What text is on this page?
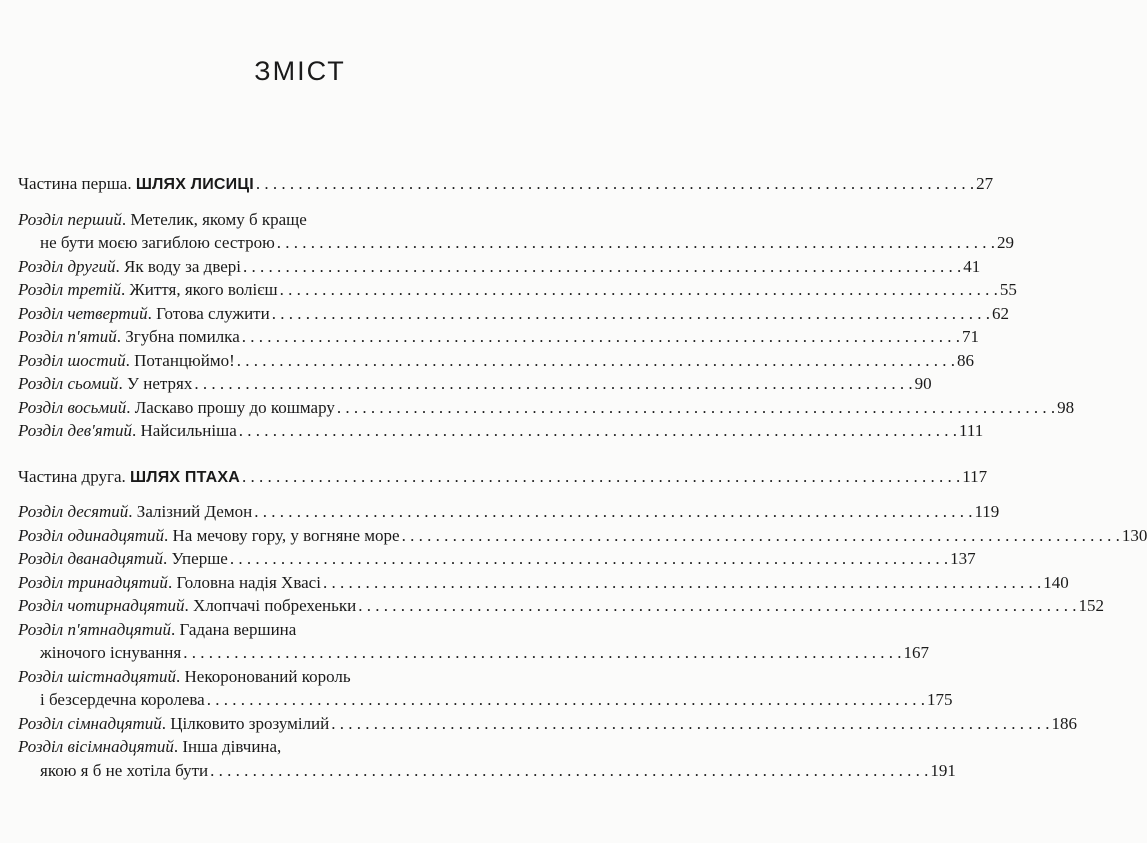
ЗМІСТ
Частина перша. ШЛЯХ ЛИСИЦІ . . .	27
Розділ перший. Метелик, якому б краще
не бути моєю загиблою сестрою . . .	29
Розділ другий. Як воду за двері . . .	41
Розділ третій. Життя, якого волієш . . .	55
Розділ четвертий. Готова служити . . .	62
Розділ п'ятий. Згубна помилка . . .	71
Розділ шостий. Потанцюймо! . . .	86
Розділ сьомий. У нетрях . . .	90
Розділ восьмий. Ласкаво прошу до кошмару . . .	98
Розділ дев'ятий. Найсильніша . . .	111
Частина друга. ШЛЯХ ПТАХА . . .	117
Розділ десятий. Залізний Демон . . .	119
Розділ одинадцятий. На мечову гору, у вогняне море . . .	130
Розділ дванадцятий. Уперше . . .	137
Розділ тринадцятий. Головна надія Хвасі . . .	140
Розділ чотирнадцятий. Хлопчачі побрехеньки . . .	152
Розділ п'ятнадцятий. Гадана вершина
жіночого існування . . .	167
Розділ шістнадцятий. Некоронований король
і безсердечна королева . . .	175
Розділ сімнадцятий. Цілковито зрозумілий . . .	186
Розділ вісімнадцятий. Інша дівчина,
якою я б не хотіла бути . . .	191
